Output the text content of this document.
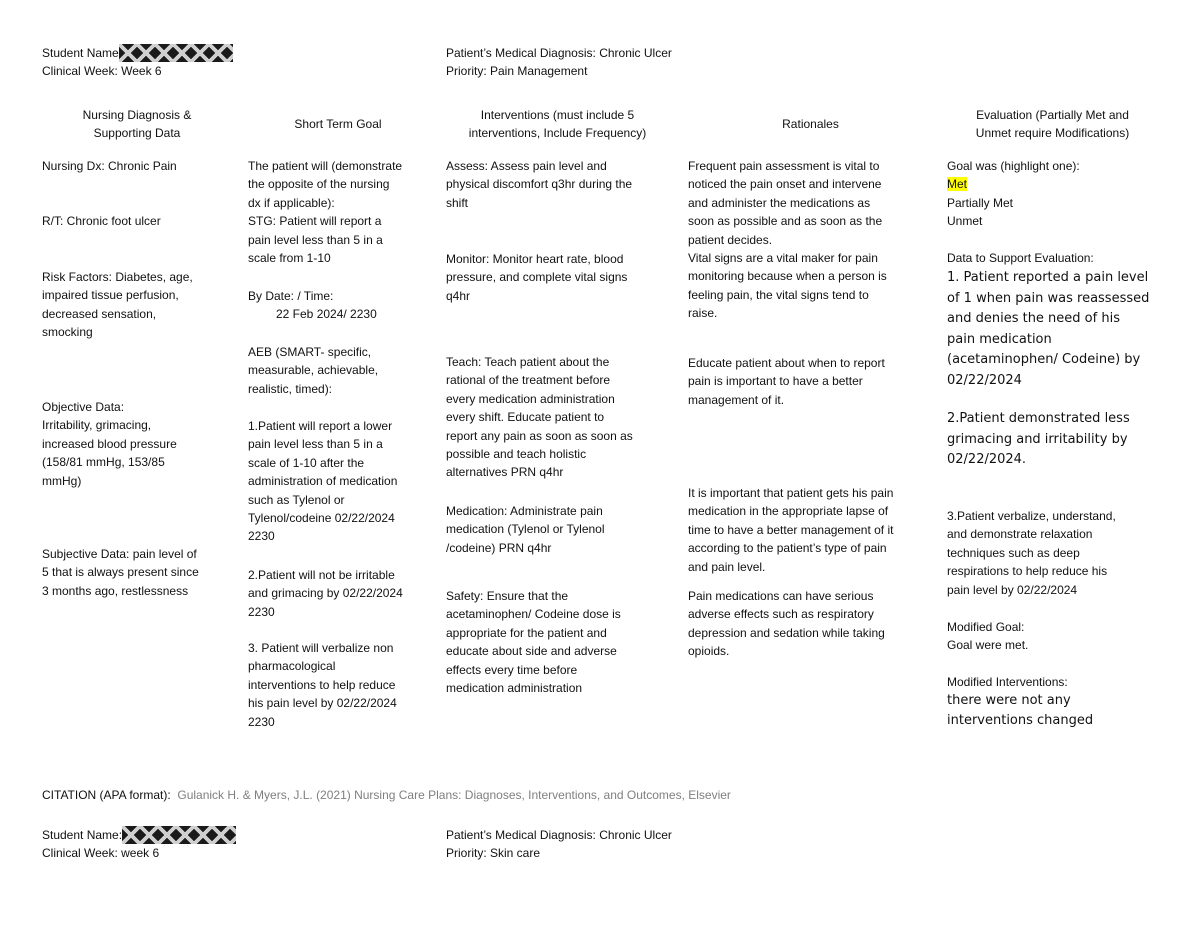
Student Name
Clinical Week: Week 6
Patient’s Medical Diagnosis: Chronic Ulcer
Priority: Pain Management
Nursing Diagnosis &
Supporting Data
Short Term Goal
Interventions (must include 5
interventions, Include Frequency)
Rationales
Evaluation (Partially Met and
Unmet require Modifications)
Nursing Dx: Chronic Pain
R/T: Chronic foot ulcer
Risk Factors: Diabetes, age,
impaired tissue perfusion,
decreased sensation,
smocking
Objective Data:
Irritability, grimacing,
increased blood pressure
(158/81 mmHg, 153/85
mmHg)
Subjective Data: pain level of
5 that is always present since
3 months ago, restlessness
The patient will (demonstrate
the opposite of the nursing
dx if applicable):
STG: Patient will report a
pain level less than 5 in a
scale from 1-10
By Date: / Time:
22 Feb 2024/ 2230
AEB (SMART- specific,
measurable, achievable,
realistic, timed):
1.Patient will report a lower
pain level less than 5 in a
scale of 1-10 after the
administration of medication
such as Tylenol or
Tylenol/codeine 02/22/2024
2230
2.Patient will not be irritable
and grimacing by 02/22/2024
2230
3. Patient will verbalize non
pharmacological
interventions to help reduce
his pain level by 02/22/2024
2230
Assess: Assess pain level and
physical discomfort q3hr during the
shift
Monitor: Monitor heart rate, blood
pressure, and complete vital signs
q4hr
Teach: Teach patient about the
rational of the treatment before
every medication administration
every shift. Educate patient to
report any pain as soon as soon as
possible and teach holistic
alternatives PRN q4hr
Medication: Administrate pain
medication (Tylenol or Tylenol
/codeine) PRN q4hr
Safety: Ensure that the
acetaminophen/ Codeine dose is
appropriate for the patient and
educate about side and adverse
effects every time before
medication administration
Frequent pain assessment is vital to
noticed the pain onset and intervene
and administer the medications as
soon as possible and as soon as the
patient decides.
Vital signs are a vital maker for pain
monitoring because when a person is
feeling pain, the vital signs tend to
raise.
Educate patient about when to report
pain is important to have a better
management of it.
It is important that patient gets his pain
medication in the appropriate lapse of
time to have a better management of it
according to the patient’s type of pain
and pain level.
Pain medications can have serious
adverse effects such as respiratory
depression and sedation while taking
opioids.
Goal was (highlight one):
Met
Partially Met
Unmet
Data to Support Evaluation:
1. Patient reported a pain level
of 1 when pain was reassessed
and denies the need of his
pain medication
(acetaminophen/ Codeine) by
02/22/2024
2.Patient demonstrated less
grimacing and irritability by
02/22/2024.
3.Patient verbalize, understand,
and demonstrate relaxation
techniques such as deep
respirations to help reduce his
pain level by 02/22/2024
Modified Goal:
Goal were met.
Modified Interventions:
there were not any
interventions changed
CITATION (APA format): Gulanick H. & Myers, J.L. (2021) Nursing Care Plans: Diagnoses, Interventions, and Outcomes, Elsevier
Student Name:
Clinical Week: week 6
Patient’s Medical Diagnosis: Chronic Ulcer
Priority: Skin care
